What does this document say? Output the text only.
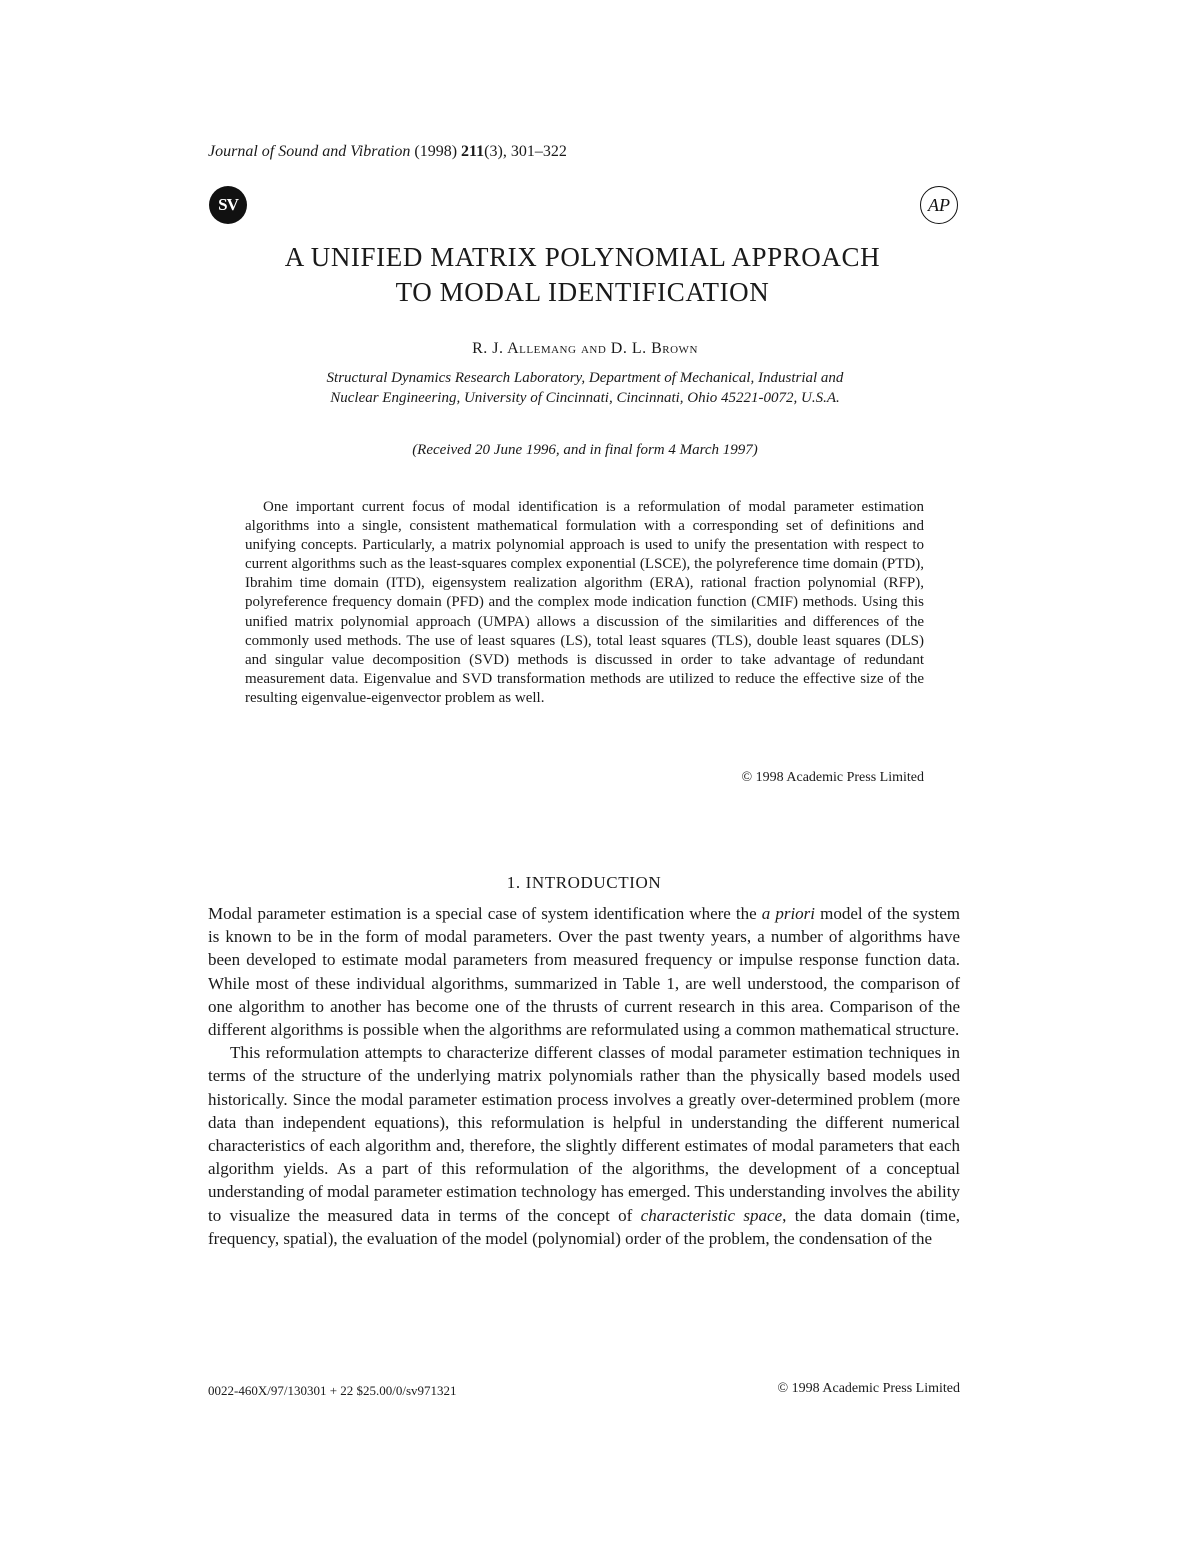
Journal of Sound and Vibration (1998) 211(3), 301–322
SV	AP
A UNIFIED MATRIX POLYNOMIAL APPROACH
TO MODAL IDENTIFICATION
R. J. Allemang and D. L. Brown
Structural Dynamics Research Laboratory, Department of Mechanical, Industrial and
Nuclear Engineering, University of Cincinnati, Cincinnati, Ohio 45221-0072, U.S.A.
(Received 20 June 1996, and in final form 4 March 1997)

One important current focus of modal identification is a reformulation of modal parameter estimation algorithms into a single, consistent mathematical formulation with a corresponding set of definitions and unifying concepts. Particularly, a matrix polynomial approach is used to unify the presentation with respect to current algorithms such as the least-squares complex exponential (LSCE), the polyreference time domain (PTD), Ibrahim time domain (ITD), eigensystem realization algorithm (ERA), rational fraction polynomial (RFP), polyreference frequency domain (PFD) and the complex mode indication function (CMIF) methods. Using this unified matrix polynomial approach (UMPA) allows a discussion of the similarities and differences of the commonly used methods. The use of least squares (LS), total least squares (TLS), double least squares (DLS) and singular value decomposition (SVD) methods is discussed in order to take advantage of redundant measurement data. Eigenvalue and SVD transformation methods are utilized to reduce the effective size of the resulting eigenvalue-eigenvector problem as well.

© 1998 Academic Press Limited
1. INTRODUCTION

Modal parameter estimation is a special case of system identification where the a priori model of the system is known to be in the form of modal parameters. Over the past twenty years, a number of algorithms have been developed to estimate modal parameters from measured frequency or impulse response function data. While most of these individual algorithms, summarized in Table 1, are well understood, the comparison of one algorithm to another has become one of the thrusts of current research in this area. Comparison of the different algorithms is possible when the algorithms are reformulated using a common mathematical structure.

This reformulation attempts to characterize different classes of modal parameter estimation techniques in terms of the structure of the underlying matrix polynomials rather than the physically based models used historically. Since the modal parameter estimation process involves a greatly over-determined problem (more data than independent equations), this reformulation is helpful in understanding the different numerical characteristics of each algorithm and, therefore, the slightly different estimates of modal parameters that each algorithm yields. As a part of this reformulation of the algorithms, the development of a conceptual understanding of modal parameter estimation technology has emerged. This understanding involves the ability to visualize the measured data in terms of the concept of characteristic space, the data domain (time, frequency, spatial), the evaluation of the model (polynomial) order of the problem, the condensation of the

0022-460X/97/130301 + 22 $25.00/0/sv971321	© 1998 Academic Press Limited
